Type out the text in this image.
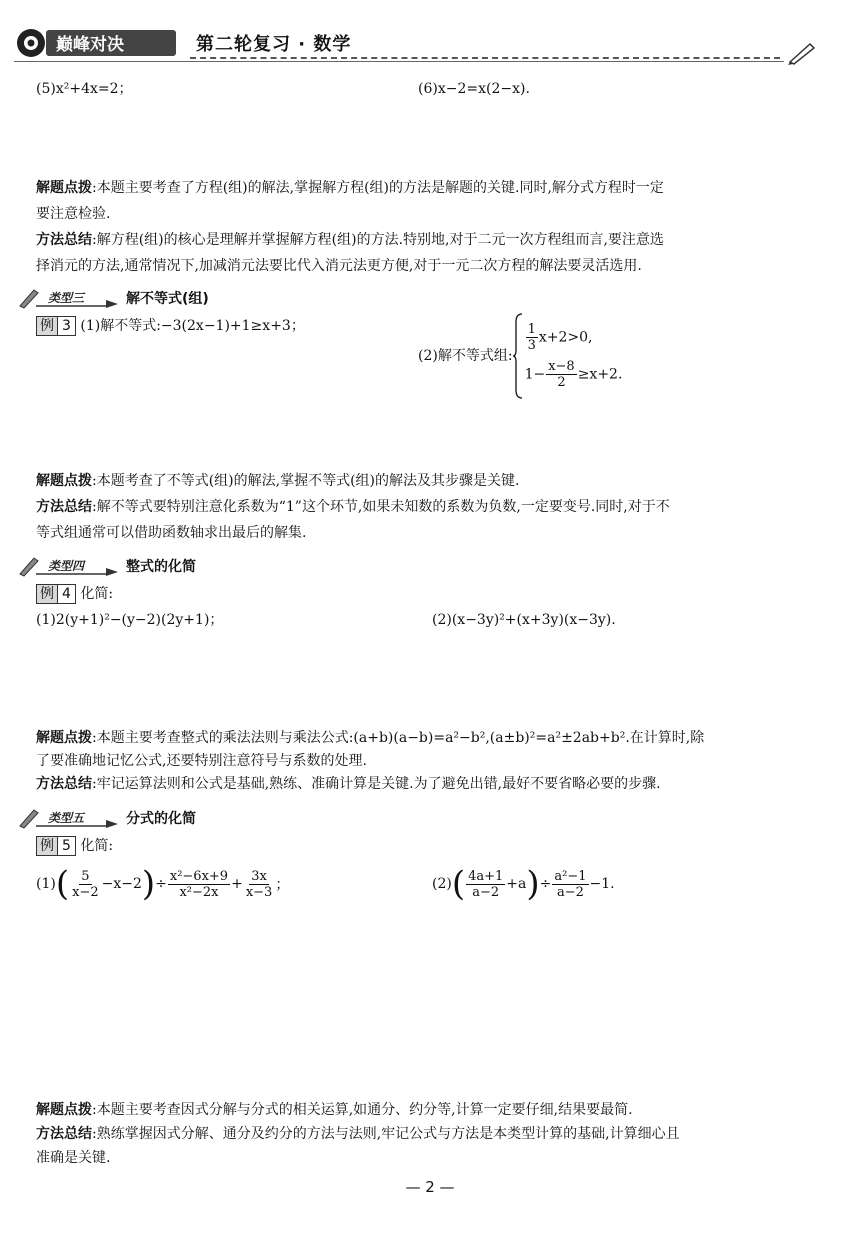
巅峰对决	第二轮复习 · 数学
(5)x²+4x=2；	(6)x−2=x(2−x).
解题点拨:本题主要考查了方程(组)的解法,掌握解方程(组)的方法是解题的关键.同时,解分式方程时一定
要注意检验.
方法总结:解方程(组)的核心是理解并掌握解方程(组)的方法.特别地,对于二元一次方程组而言,要注意选
择消元的方法,通常情况下,加减消元法要比代入消元法更方便,对于一元二次方程的解法要灵活选用.
类型三	解不等式(组)
例 3 (1)解不等式:−3(2x−1)+1≥x+3；
(2)解不等式组:
$\frac{1}{3} x+2>0$,
$1- \frac{x-8}{2} \ge x+2$.
解题点拨:本题考查了不等式(组)的解法,掌握不等式(组)的解法及其步骤是关键.
方法总结:解不等式要特别注意化系数为“1”这个环节,如果未知数的系数为负数,一定要变号.同时,对于不
等式组通常可以借助函数轴求出最后的解集.
类型四	整式的化简
例 4 化简:
(1)2(y+1)²−(y−2)(2y+1)；	(2)(x−3y)²+(x+3y)(x−3y).
解题点拨:本题主要考查整式的乘法法则与乘法公式:(a+b)(a−b)=a²−b²,(a±b)²=a²±2ab+b².在计算时,除
了要准确地记忆公式,还要特别注意符号与系数的处理.
方法总结:牢记运算法则和公式是基础,熟练、准确计算是关键.为了避免出错,最好不要省略必要的步骤.
类型五	分式的化简
例 5 化简:
(1) ( $\frac{5}{x-2} -x-2$ ) ÷ $\frac{\text{x²−6x+9}}{\text{x²−2x}} + \frac{3x}{x-3}$ ；	(2) ( $\frac{4a+1}{a-2} +a$ ) ÷ $\frac{\text{a²−1}}{a-2} -1$.
解题点拨:本题主要考查因式分解与分式的相关运算,如通分、约分等,计算一定要仔细,结果要最简.
方法总结:熟练掌握因式分解、通分及约分的方法与法则,牢记公式与方法是本类型计算的基础,计算细心且
准确是关键.
— 2 —
